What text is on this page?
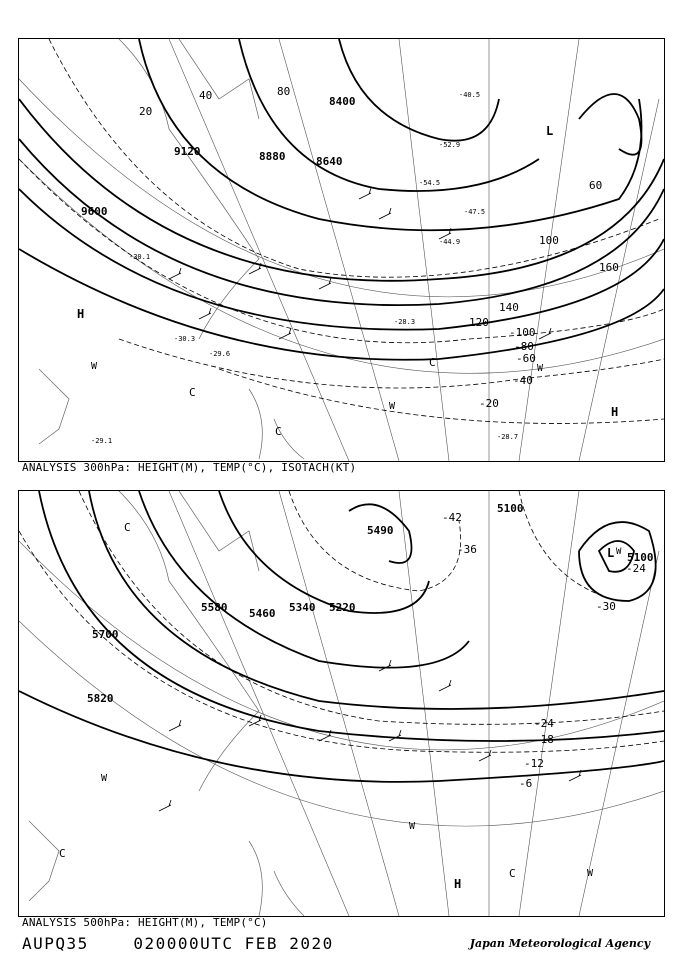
9120
9600
8880	8640
8400
20
40
60
80
100
120
140
160
-100
-80
-60
-40
-20
-28.3
-29.6
-30.1
-30.3
-29.1	-28.7
-40.5
-52.9
-54.5
-44.9
-47.5
H
H
L
C
C
C
W
W
W
ANALYSIS 300hPa: HEIGHT(M), TEMP(°C), ISOTACH(KT)
5100
5100
5220
5340
5460
5580
5700
5820
5490
-42
-36
-30
-24
-18
-12
-6
-24
H
L
C
C
C
W
W
W
W
ANALYSIS 500hPa: HEIGHT(M), TEMP(°C)
AUPQ35    020000UTC FEB 2020	Japan Meteorological Agency
